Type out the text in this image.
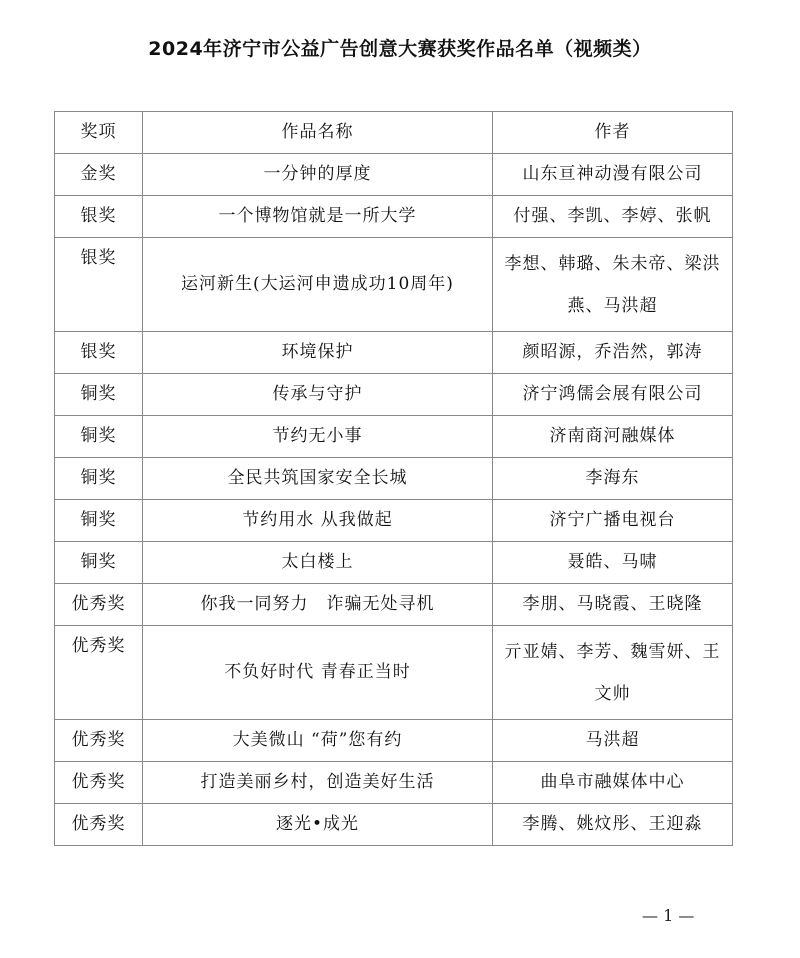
2024年济宁市公益广告创意大赛获奖作品名单（视频类）
奖项	作品名称	作者
金奖	一分钟的厚度	山东亘神动漫有限公司
银奖	一个博物馆就是一所大学	付强、李凯、李婷、张帆
银奖	运河新生(大运河申遗成功10周年)	李想、韩璐、朱未帝、梁洪燕、马洪超
银奖	环境保护	颜昭源，乔浩然，郭涛
铜奖	传承与守护	济宁鸿儒会展有限公司
铜奖	节约无小事	济南商河融媒体
铜奖	全民共筑国家安全长城	李海东
铜奖	节约用水 从我做起	济宁广播电视台
铜奖	太白楼上	聂皓、马啸
优秀奖	你我一同努力　诈骗无处寻机	李朋、马晓霞、王晓隆
优秀奖	不负好时代 青春正当时	亓亚婧、李芳、魏雪妍、王文帅
优秀奖	大美微山 “荷”您有约	马洪超
优秀奖	打造美丽乡村，创造美好生活	曲阜市融媒体中心
优秀奖	逐光•成光	李腾、姚炆彤、王迎淼
— 1 —
